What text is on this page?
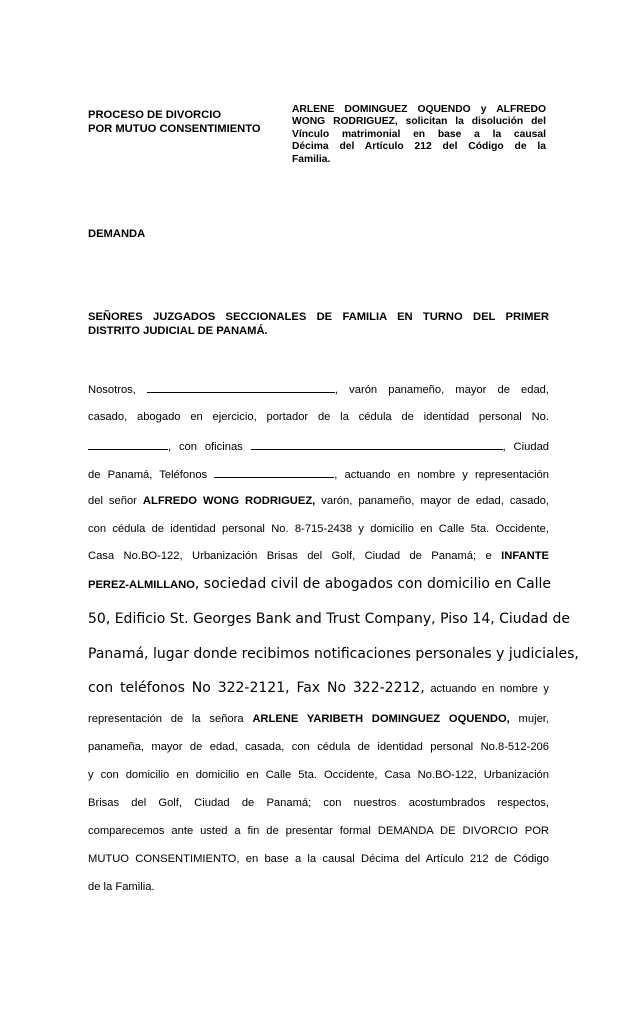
PROCESO DE DIVORCIO
POR MUTUO CONSENTIMIENTO
ARLENE DOMINGUEZ OQUENDO y ALFREDO
WONG RODRIGUEZ, solicitan la disolución del
Vínculo matrimonial en base a la causal
Décima del Artículo 212 del Código de la
Familia.
DEMANDA
SEÑORES JUZGADOS SECCIONALES DE FAMILIA EN TURNO DEL PRIMER
DISTRITO JUDICIAL DE PANAMÁ.
Nosotros,	, varón panameño, mayor de edad,
casado, abogado en ejercicio, portador de la cédula de identidad personal No.
, con oficinas	, Ciudad
de Panamá, Teléfonos	, actuando en nombre y representación
del señor ALFREDO WONG RODRIGUEZ, varón, panameño, mayor de edad, casado,
con cédula de identidad personal No. 8-715-2438 y domicilio en Calle 5ta. Occidente,
Casa No.BO-122, Urbanización Brisas del Golf, Ciudad de Panamá; e INFANTE
PEREZ-ALMILLANO, sociedad civil de abogados con domicilio en Calle
50, Edificio St. Georges Bank and Trust Company, Piso 14, Ciudad de
Panamá, lugar donde recibimos notificaciones personales y judiciales,
con teléfonos No 322-2121, Fax No 322-2212, actuando en nombre y
representación de la señora ARLENE YARIBETH DOMINGUEZ OQUENDO, mujer,
panameña, mayor de edad, casada, con cédula de identidad personal No.8-512-206
y con domicilio en domicilio en Calle 5ta. Occidente, Casa No.BO-122, Urbanización
Brisas del Golf, Ciudad de Panamá; con nuestros acostumbrados respectos,
comparecemos ante usted a fin de presentar formal DEMANDA DE DIVORCIO POR
MUTUO CONSENTIMIENTO, en base a la causal Décima del Artículo 212 de Código
de la Familia.
